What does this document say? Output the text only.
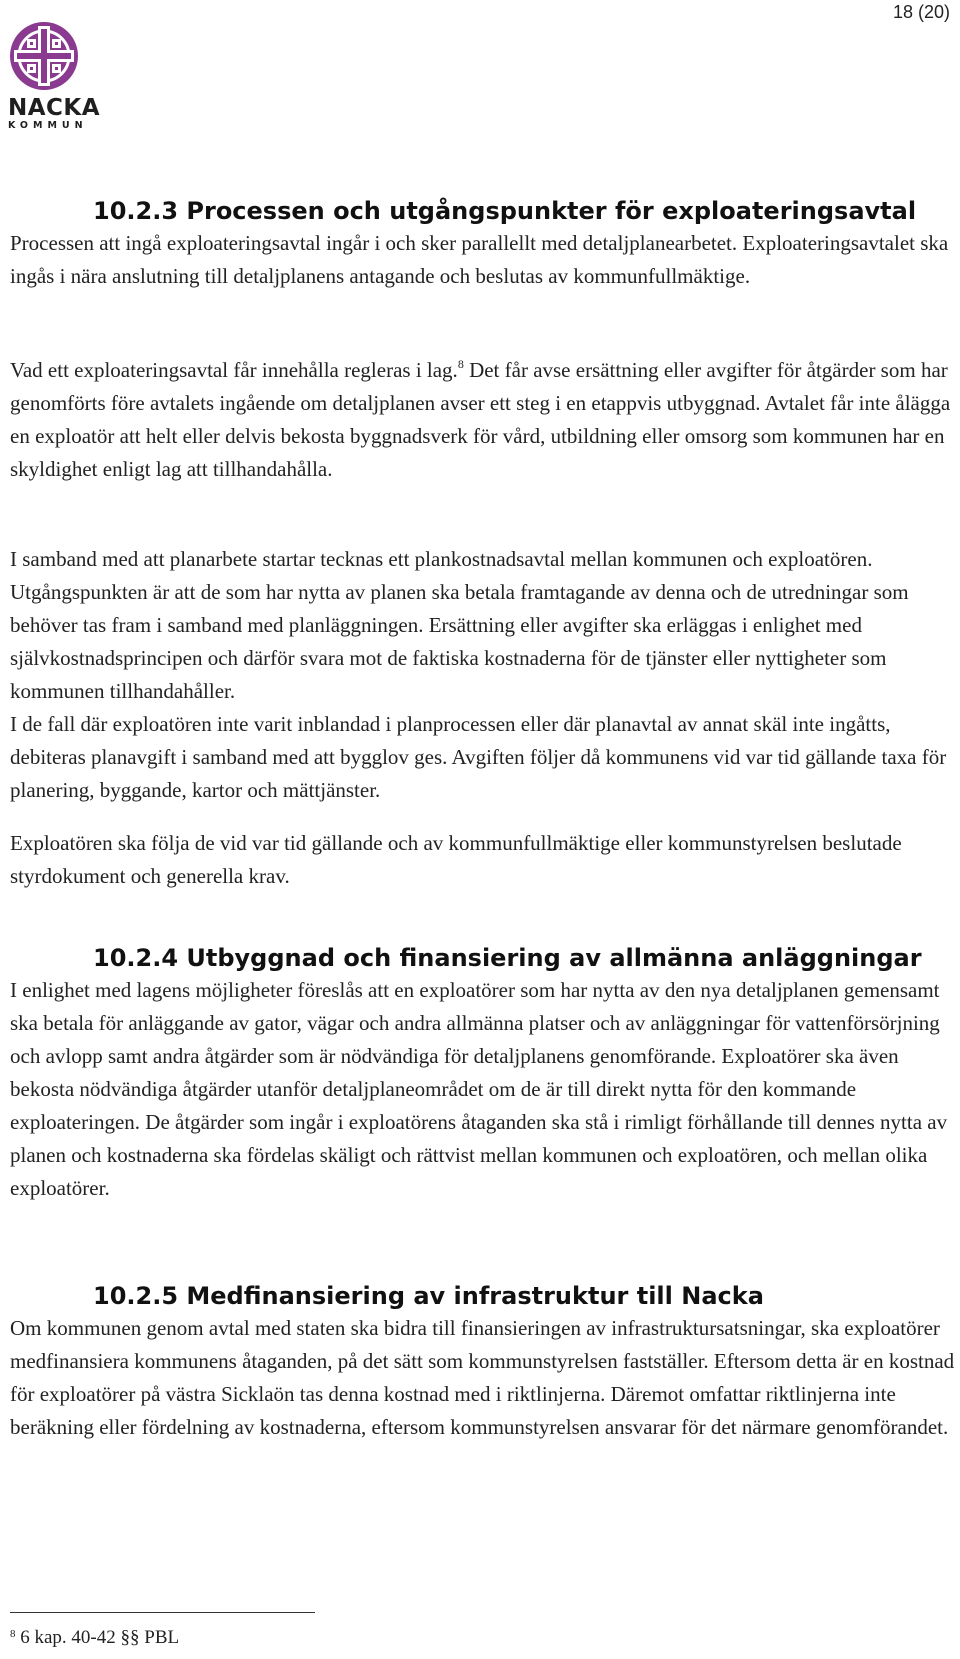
18 (20)
NACKA
KOMMUN
10.2.3 Processen och utgångspunkter för exploateringsavtal

Processen att ingå exploateringsavtal ingår i och sker parallellt med detaljplanearbetet. Exploateringsavtalet ska ingås i nära anslutning till detaljplanens antagande och beslutas av kommunfullmäktige.

Vad ett exploateringsavtal får innehålla regleras i lag.$^8$ Det får avse ersättning eller avgifter för åtgärder som har genomförts före avtalets ingående om detaljplanen avser ett steg i en etappvis utbyggnad. Avtalet får inte ålägga en exploatör att helt eller delvis bekosta byggnadsverk för vård, utbildning eller omsorg som kommunen har en skyldighet enligt lag att tillhandahålla.

I samband med att planarbete startar tecknas ett plankostnadsavtal mellan kommunen och exploatören. Utgångspunkten är att de som har nytta av planen ska betala framtagande av denna och de utredningar som behöver tas fram i samband med planläggningen. Ersättning eller avgifter ska erläggas i enlighet med självkostnadsprincipen och därför svara mot de faktiska kostnaderna för de tjänster eller nyttigheter som kommunen tillhandahåller.

I de fall där exploatören inte varit inblandad i planprocessen eller där planavtal av annat skäl inte ingåtts, debiteras planavgift i samband med att bygglov ges. Avgiften följer då kommunens vid var tid gällande taxa för planering, byggande, kartor och mättjänster.

Exploatören ska följa de vid var tid gällande och av kommunfullmäktige eller kommunstyrelsen beslutade styrdokument och generella krav.

10.2.4 Utbyggnad och finansiering av allmänna anläggningar

I enlighet med lagens möjligheter föreslås att en exploatörer som har nytta av den nya detaljplanen gemensamt ska betala för anläggande av gator, vägar och andra allmänna platser och av anläggningar för vattenförsörjning och avlopp samt andra åtgärder som är nödvändiga för detaljplanens genomförande. Exploatörer ska även bekosta nödvändiga åtgärder utanför detaljplaneområdet om de är till direkt nytta för den kommande exploateringen. De åtgärder som ingår i exploatörens åtaganden ska stå i rimligt förhållande till dennes nytta av planen och kostnaderna ska fördelas skäligt och rättvist mellan kommunen och exploatören, och mellan olika exploatörer.

10.2.5 Medfinansiering av infrastruktur till Nacka

Om kommunen genom avtal med staten ska bidra till finansieringen av infrastruktursatsningar, ska exploatörer medfinansiera kommunens åtaganden, på det sätt som kommunstyrelsen fastställer. Eftersom detta är en kostnad för exploatörer på västra Sicklaön tas denna kostnad med i riktlinjerna. Däremot omfattar riktlinjerna inte beräkning eller fördelning av kostnaderna, eftersom kommunstyrelsen ansvarar för det närmare genomförandet.

$^8$ 6 kap. 40-42 §§ PBL
